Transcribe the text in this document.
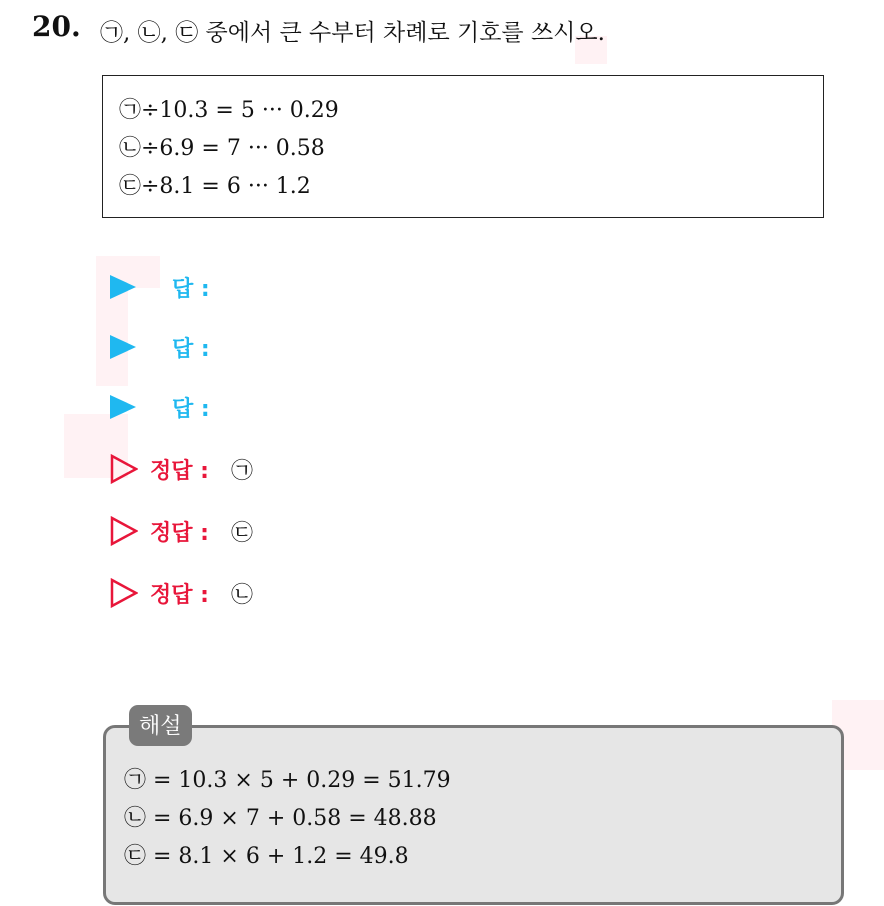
20. ㉠, ㉡, ㉢ 중에서 큰 수부터 차례로 기호를 쓰시오.
㉠÷10.3 = 5 ··· 0.29
㉡÷6.9 = 7 ··· 0.58
㉢÷8.1 = 6 ··· 1.2
답 :
답 :
답 :
정답 : ㉠
정답 : ㉢
정답 : ㉡
해설
㉠ = 10.3 × 5 + 0.29 = 51.79
㉡ = 6.9 × 7 + 0.58 = 48.88
㉢ = 8.1 × 6 + 1.2 = 49.8
